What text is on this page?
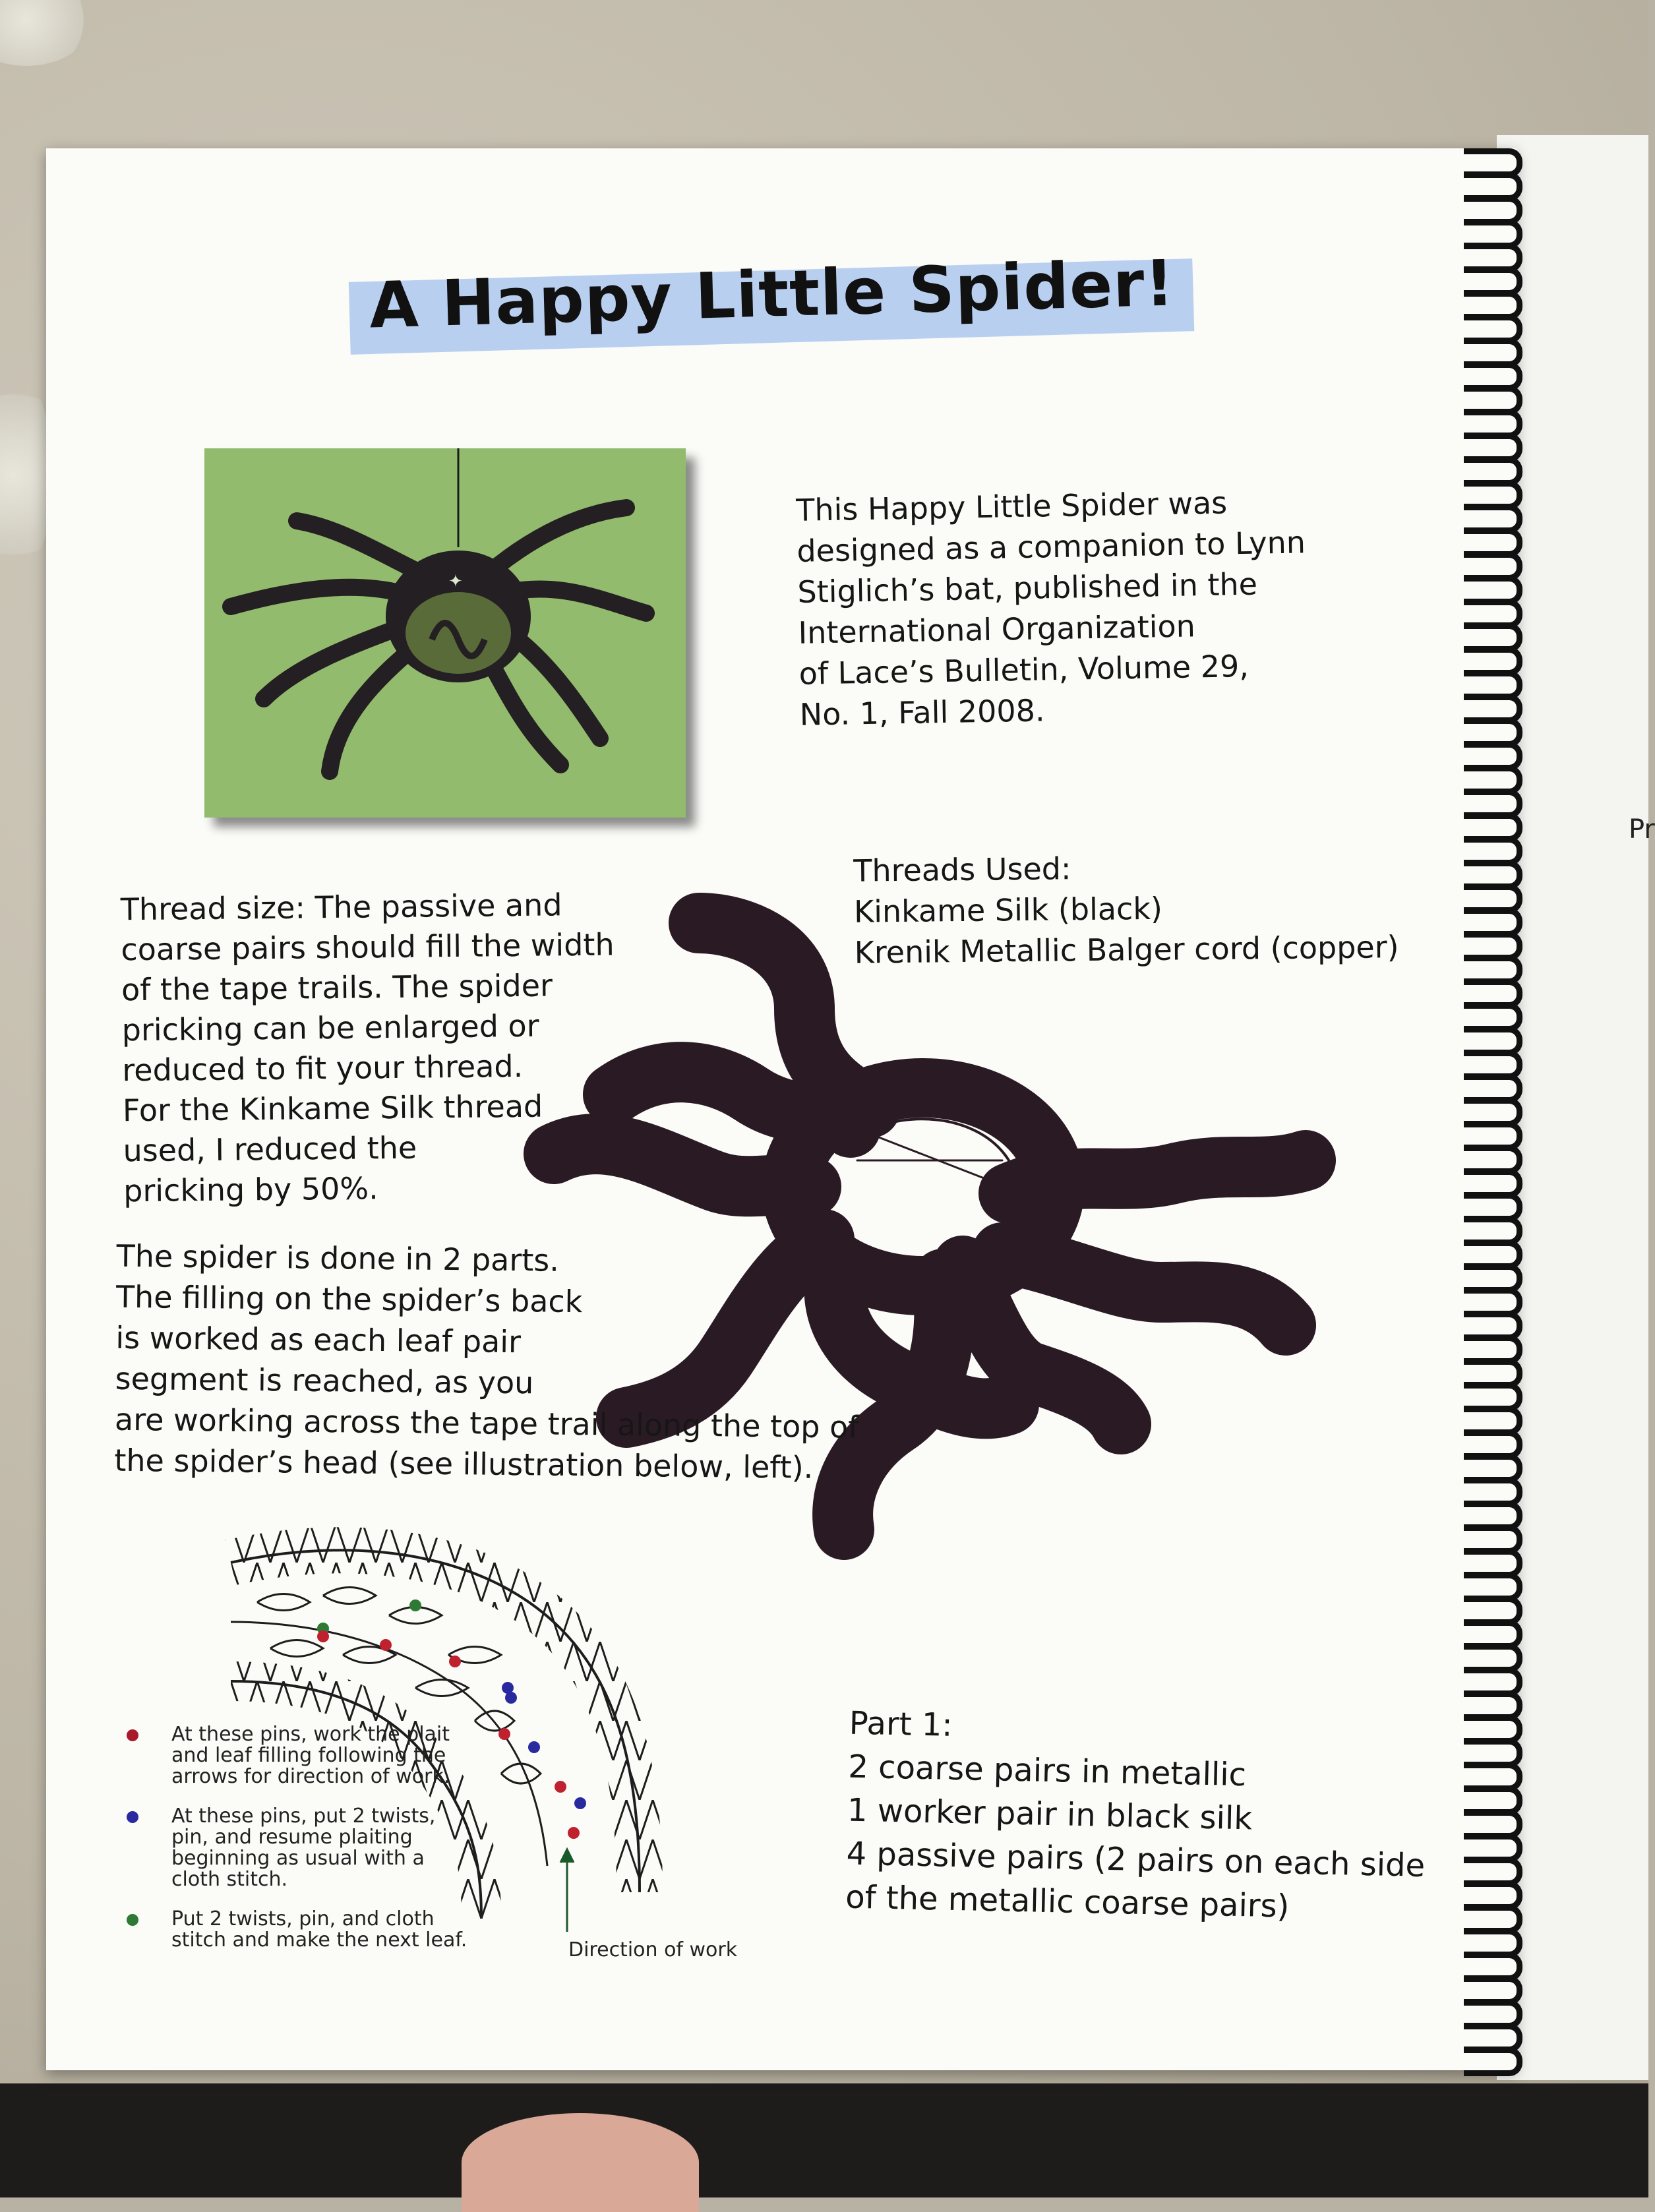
Pr
A Happy Little Spider!
✦
This Happy Little Spider was
designed as a companion to Lynn
Stiglich’s bat, published in the
International Organization
of Lace’s Bulletin, Volume 29,
No. 1, Fall 2008.
Threads Used:
Kinkame Silk (black)
Krenik Metallic Balger cord (copper)
Thread size: The passive and
coarse pairs should fill the width
of the tape trails. The spider
pricking can be enlarged or
reduced to fit your thread.
For the Kinkame Silk thread
used, I reduced the
pricking by 50%.
The spider is done in 2 parts.
The filling on the spider’s back
is worked as each leaf pair
segment is reached, as you
are working across the tape trail along the top of
the spider’s head (see illustration below, left).
At these pins, work the plait
and leaf filling following the
arrows for direction of work.
At these pins, put 2 twists,
pin, and resume plaiting
beginning as usual with a
cloth stitch.
Put 2 twists, pin, and cloth
stitch and make the next leaf.	Direction of work
Part 1:
2 coarse pairs in metallic
1 worker pair in black silk
4 passive pairs (2 pairs on each side
of the metallic coarse pairs)
